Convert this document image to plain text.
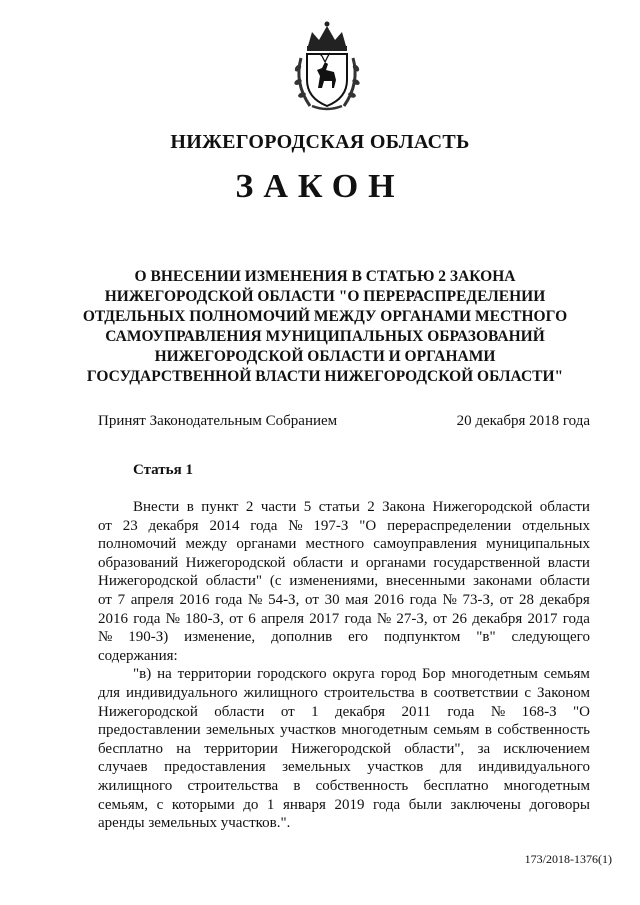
НИЖЕГОРОДСКАЯ ОБЛАСТЬ
ЗАКОН
О ВНЕСЕНИИ ИЗМЕНЕНИЯ В СТАТЬЮ 2 ЗАКОНА
НИЖЕГОРОДСКОЙ ОБЛАСТИ "О ПЕРЕРАСПРЕДЕЛЕНИИ
ОТДЕЛЬНЫХ ПОЛНОМОЧИЙ МЕЖДУ ОРГАНАМИ МЕСТНОГО
САМОУПРАВЛЕНИЯ МУНИЦИПАЛЬНЫХ ОБРАЗОВАНИЙ
НИЖЕГОРОДСКОЙ ОБЛАСТИ И ОРГАНАМИ
ГОСУДАРСТВЕННОЙ ВЛАСТИ НИЖЕГОРОДСКОЙ ОБЛАСТИ"
Принят Законодательным Собранием	20 декабря 2018 года
Статья 1
Внести в пункт 2 части 5 статьи 2 Закона Нижегородской области
от 23 декабря 2014 года № 197-З "О перераспределении отдельных
полномочий между органами местного самоуправления муниципальных
образований Нижегородской области и органами государственной власти
Нижегородской области" (с изменениями, внесенными законами области
от 7 апреля 2016 года № 54-З, от 30 мая 2016 года № 73-З, от 28 декабря
2016 года № 180-З, от 6 апреля 2017 года № 27-З, от 26 декабря 2017 года
№ 190-З) изменение, дополнив его подпунктом "в" следующего
содержания:
"в) на территории городского округа город Бор многодетным семьям
для индивидуального жилищного строительства в соответствии с Законом
Нижегородской области от 1 декабря 2011 года № 168-З "О
предоставлении земельных участков многодетным семьям в собственность
бесплатно на территории Нижегородской области", за исключением
случаев предоставления земельных участков для индивидуального
жилищного строительства в собственность бесплатно многодетным
семьям, с которыми до 1 января 2019 года были заключены договоры
аренды земельных участков.".
173/2018-1376(1)
